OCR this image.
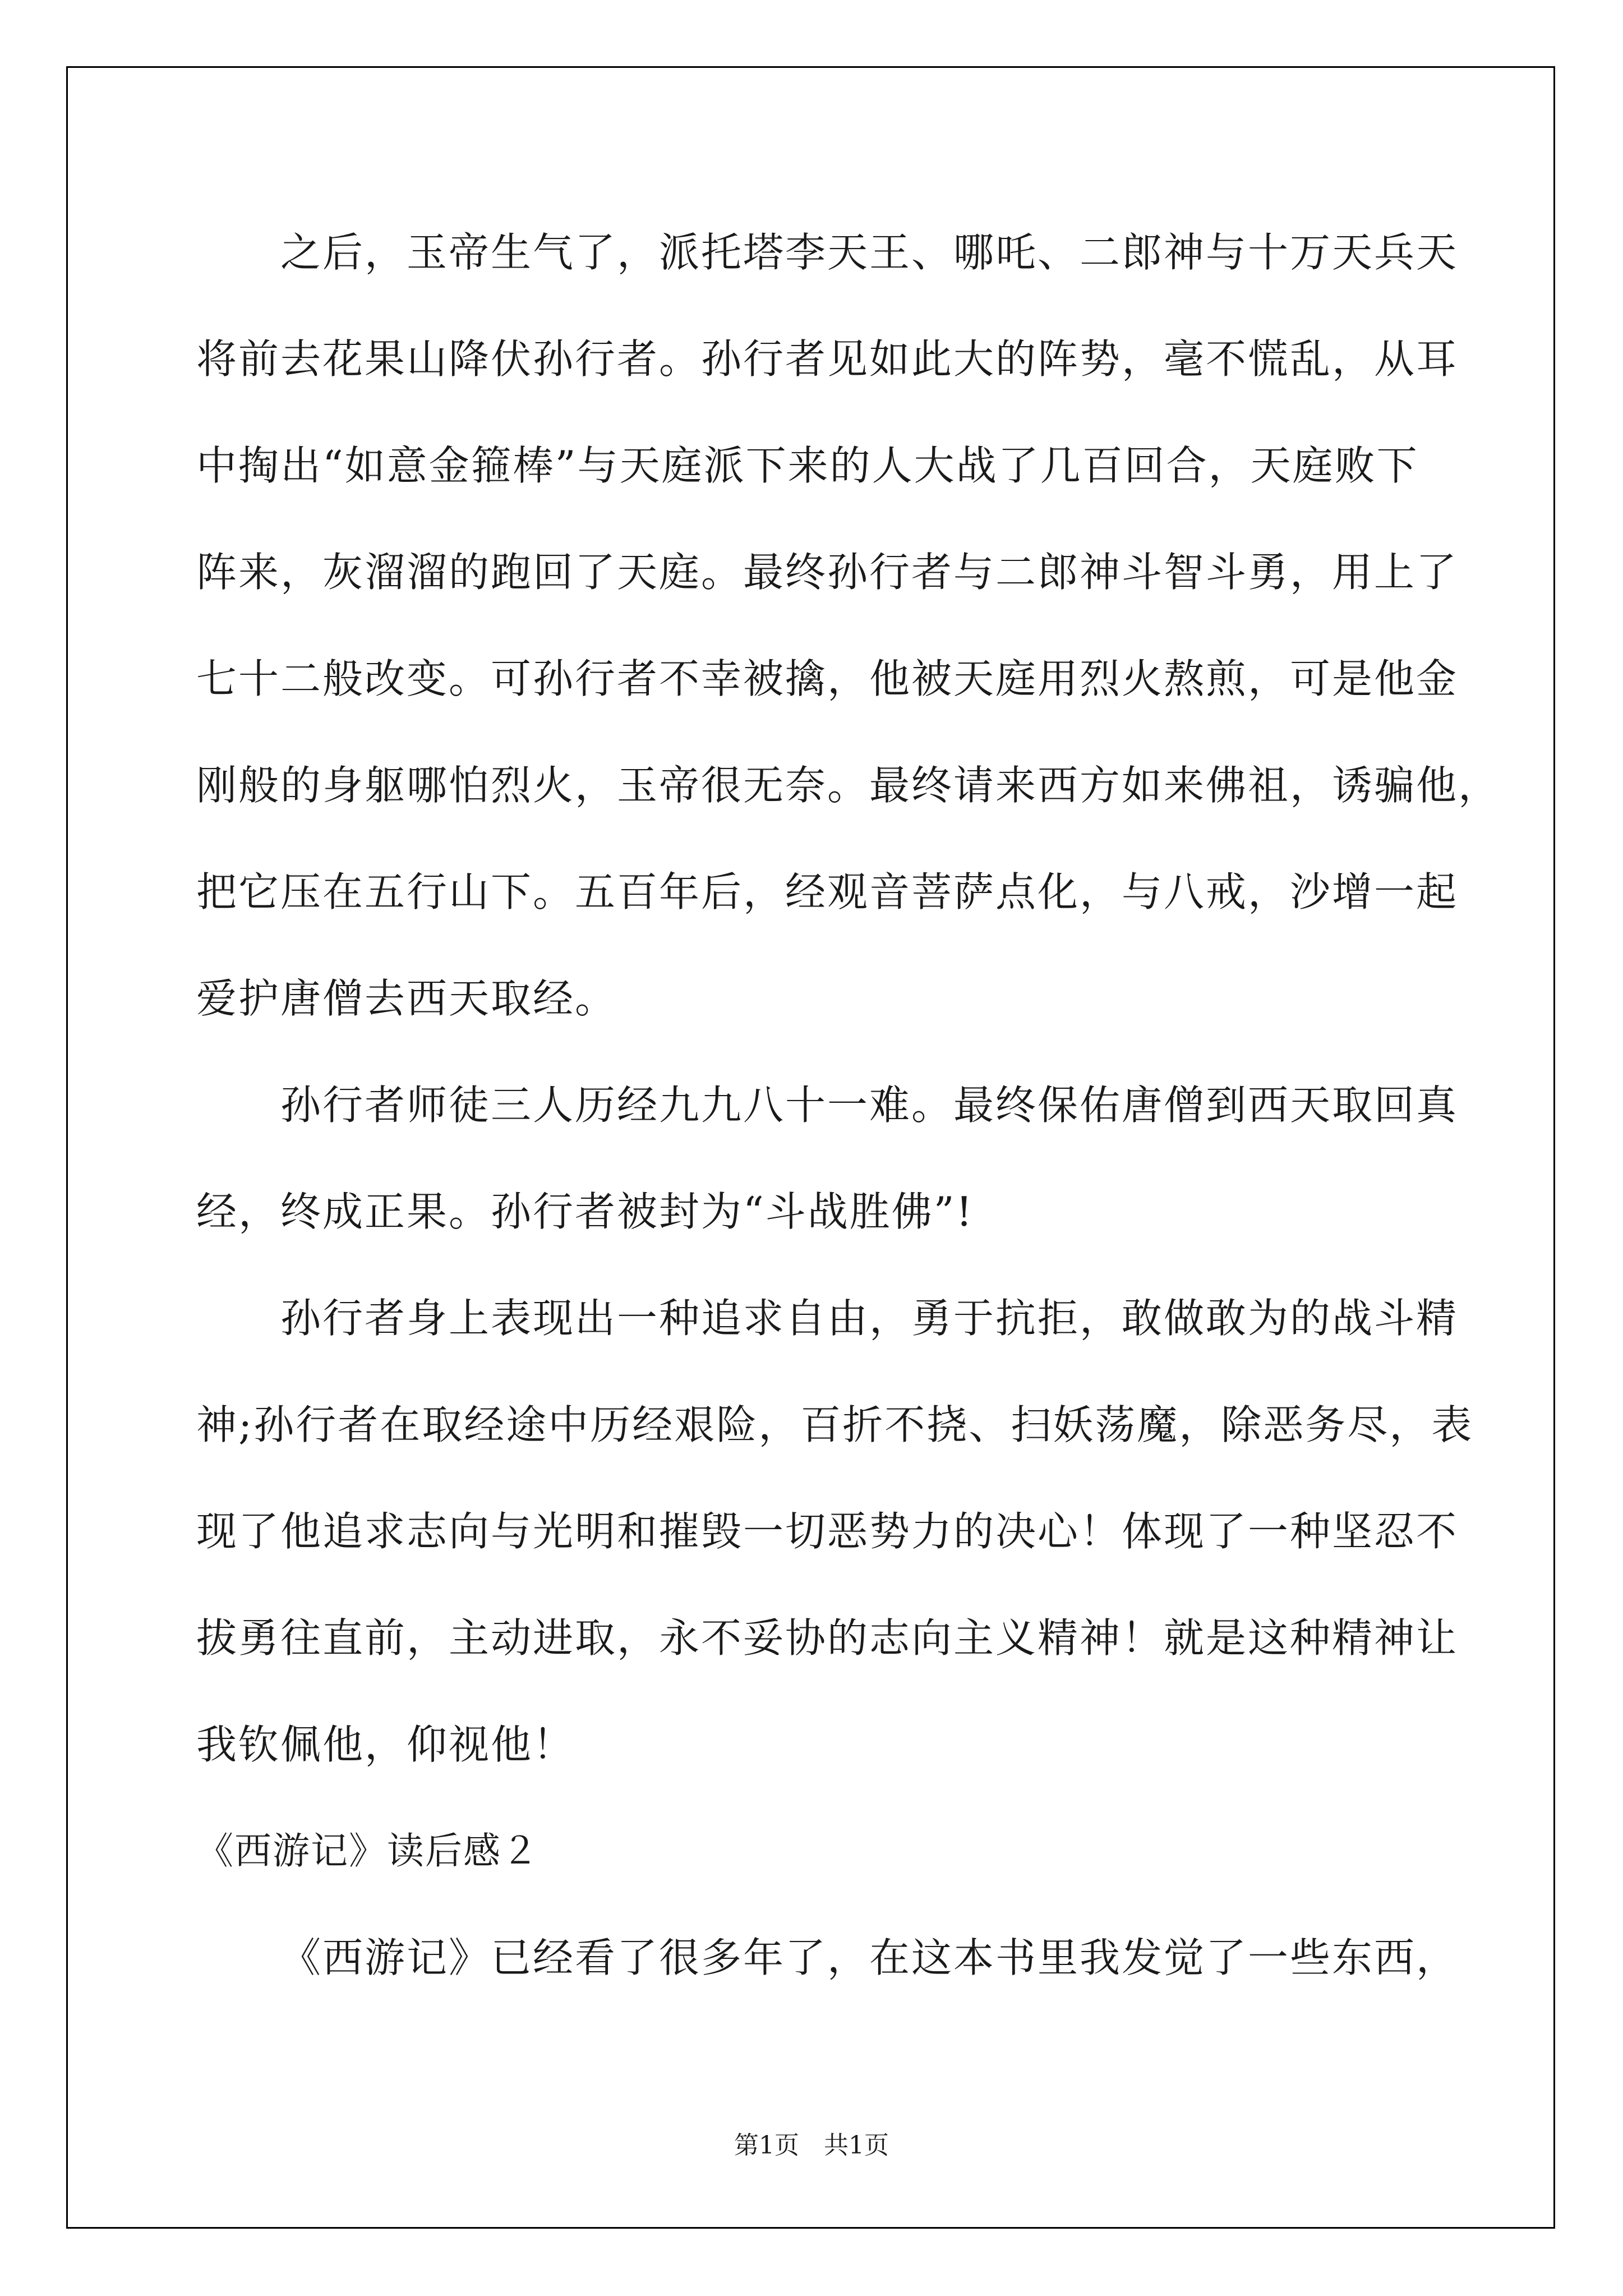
之后，玉帝生气了，派托塔李天王、哪吒、二郎神与十万天兵天
将前去花果山降伏孙行者。孙行者见如此大的阵势，毫不慌乱，从耳
中掏出“如意金箍棒”与天庭派下来的人大战了几百回合，天庭败下
阵来，灰溜溜的跑回了天庭。最终孙行者与二郎神斗智斗勇，用上了
七十二般改变。可孙行者不幸被擒，他被天庭用烈火熬煎，可是他金
刚般的身躯哪怕烈火，玉帝很无奈。最终请来西方如来佛祖，诱骗他，
把它压在五行山下。五百年后，经观音菩萨点化，与八戒，沙增一起
爱护唐僧去西天取经。
孙行者师徒三人历经九九八十一难。最终保佑唐僧到西天取回真
经，终成正果。孙行者被封为“斗战胜佛”!
孙行者身上表现出一种追求自由，勇于抗拒，敢做敢为的战斗精
神;孙行者在取经途中历经艰险，百折不挠、扫妖荡魔，除恶务尽，表
现了他追求志向与光明和摧毁一切恶势力的决心！体现了一种坚忍不
拔勇往直前，主动进取，永不妥协的志向主义精神！就是这种精神让
我钦佩他，仰视他！
《西游记》读后感２
《西游记》已经看了很多年了，在这本书里我发觉了一些东西，
第1页　共1页
